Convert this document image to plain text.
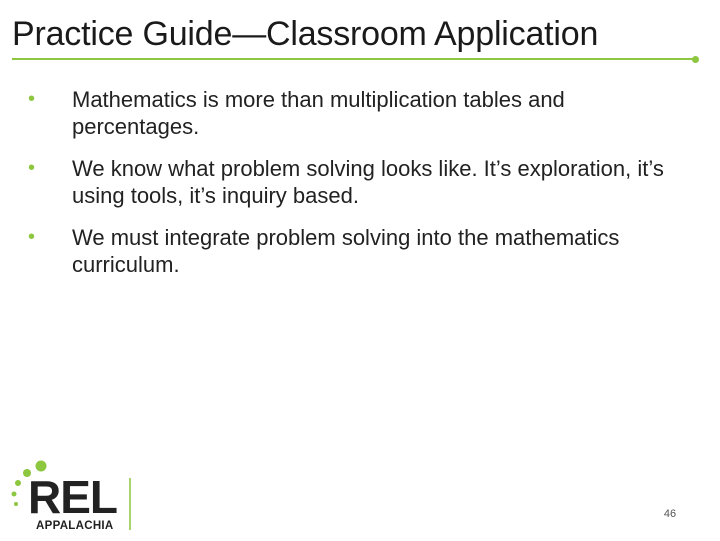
Practice Guide—Classroom Application
•	Mathematics is more than multiplication tables and percentages.
•	We know what problem solving looks like. It’s exploration, it’s using tools, it’s inquiry based.
•	We must integrate problem solving into the mathematics curriculum.
REL
APPALACHIA
46
